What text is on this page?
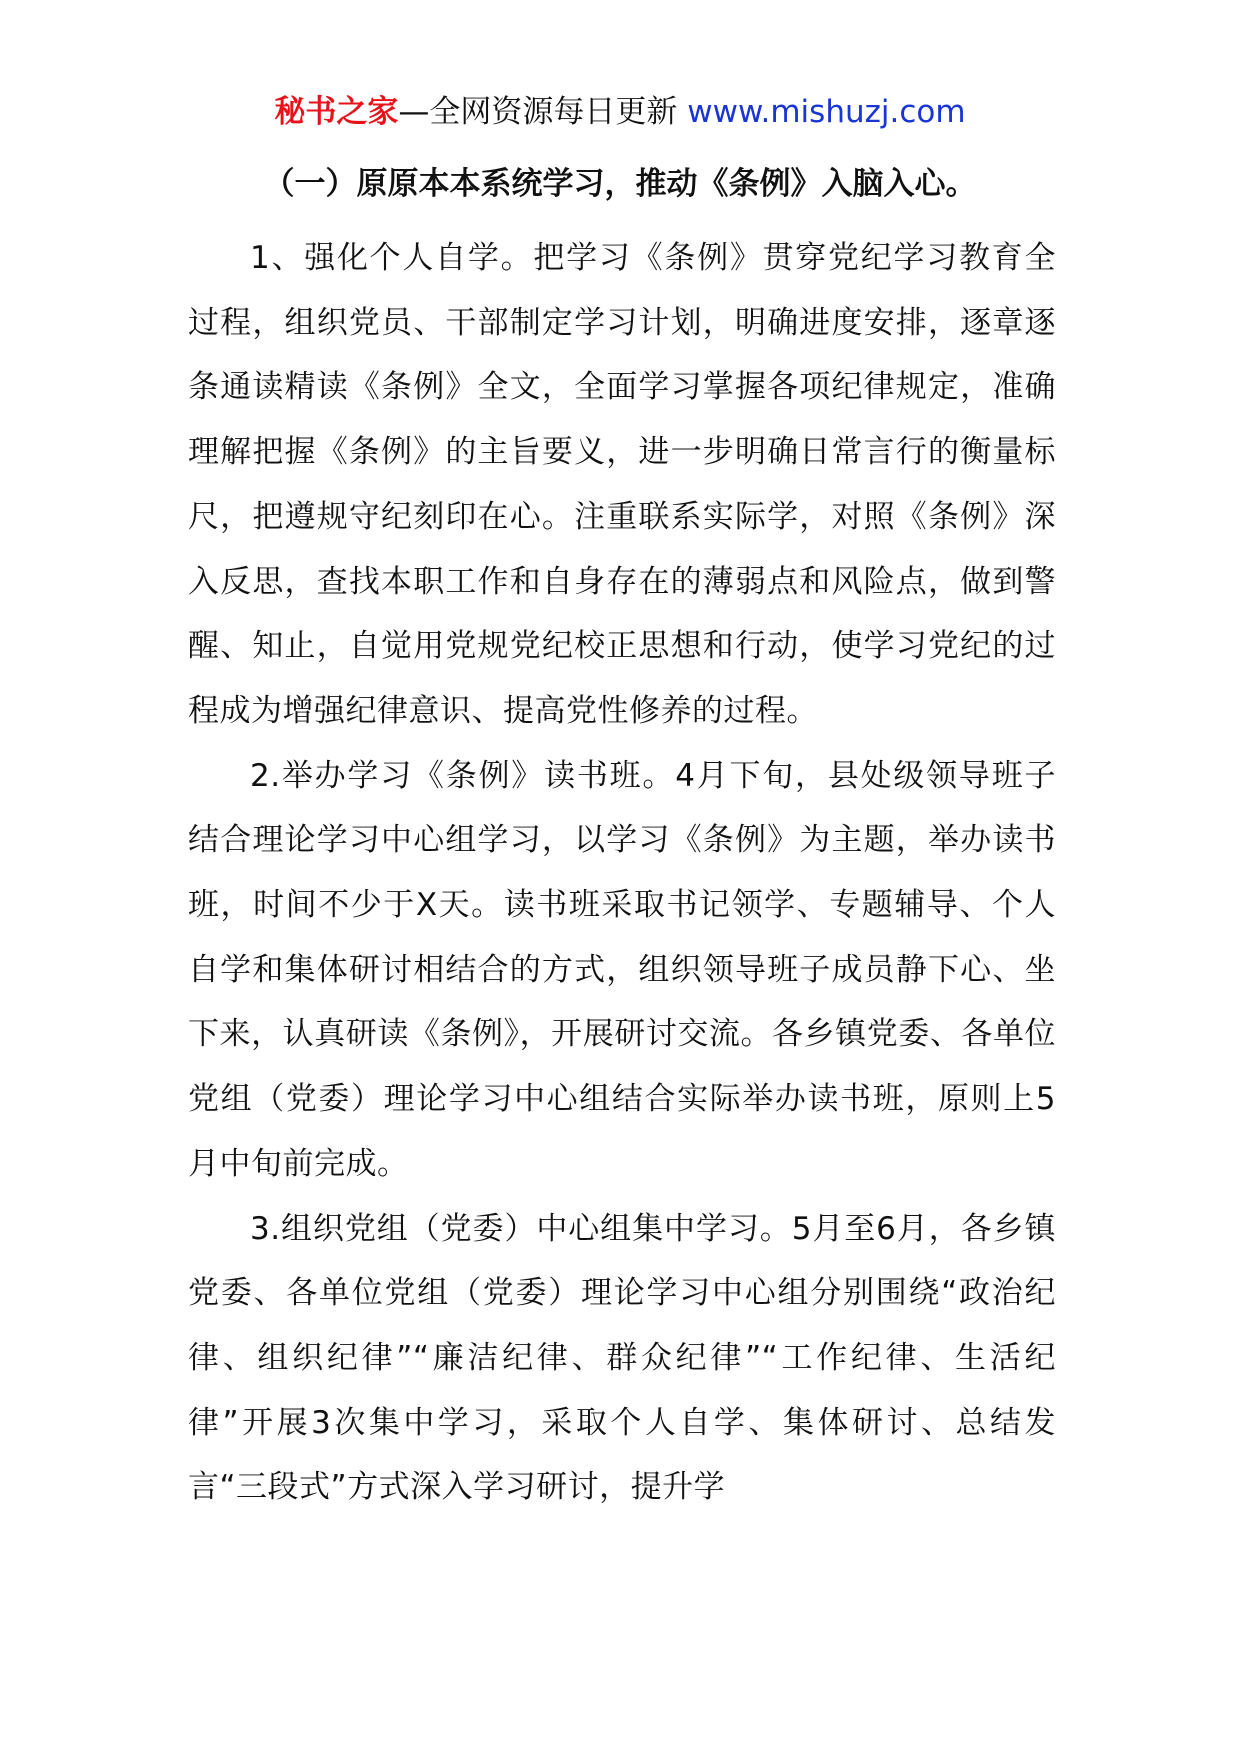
秘书之家—全网资源每日更新 www.mishuzj.com
（一）原原本本系统学习，推动《条例》入脑入心。

1、强化个人自学。把学习《条例》贯穿党纪学习教育全过程，组织党员、干部制定学习计划，明确进度安排，逐章逐条通读精读《条例》全文，全面学习掌握各项纪律规定，准确理解把握《条例》的主旨要义，进一步明确日常言行的衡量标尺，把遵规守纪刻印在心。注重联系实际学，对照《条例》深入反思，查找本职工作和自身存在的薄弱点和风险点，做到警醒、知止，自觉用党规党纪校正思想和行动，使学习党纪的过程成为增强纪律意识、提高党性修养的过程。

2.举办学习《条例》读书班。4月下旬，县处级领导班子结合理论学习中心组学习，以学习《条例》为主题，举办读书班，时间不少于X天。读书班采取书记领学、专题辅导、个人自学和集体研讨相结合的方式，组织领导班子成员静下心、坐下来，认真研读《条例》，开展研讨交流。各乡镇党委、各单位党组（党委）理论学习中心组结合实际举办读书班，原则上5月中旬前完成。

3.组织党组（党委）中心组集中学习。5月至6月，各乡镇党委、各单位党组（党委）理论学习中心组分别围绕“政治纪律、组织纪律”“廉洁纪律、群众纪律”“工作纪律、生活纪律”开展3次集中学习，采取个人自学、集体研讨、总结发言“三段式”方式深入学习研讨，提升学
